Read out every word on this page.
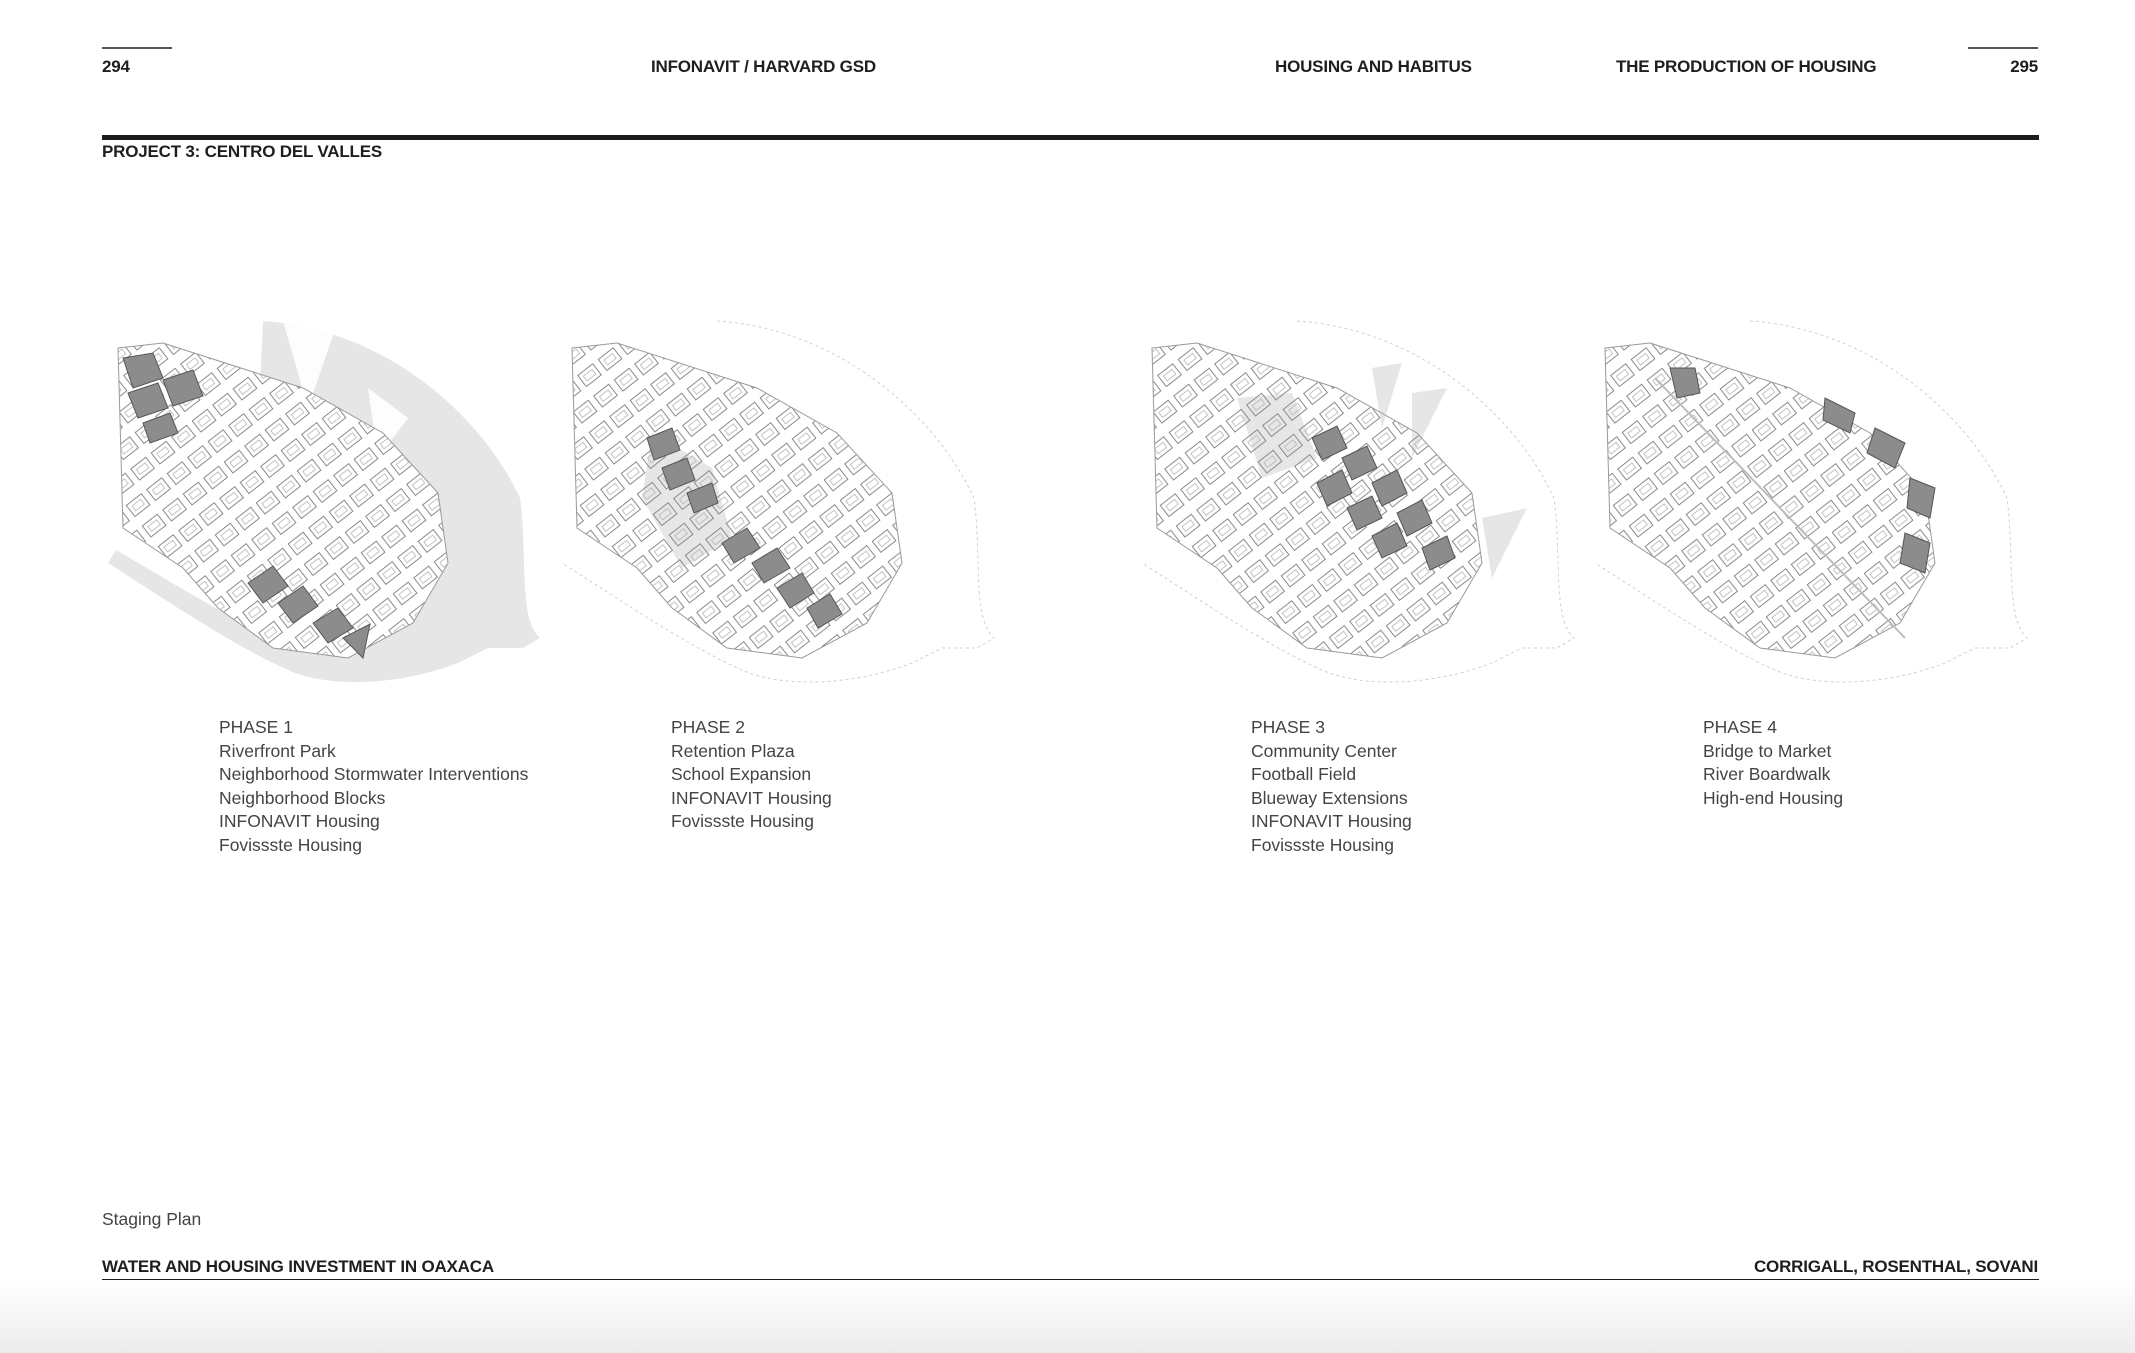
294	INFONAVIT / HARVARD GSD	HOUSING AND HABITUS	THE PRODUCTION OF HOUSING	295
PROJECT 3: CENTRO DEL VALLES
PHASE 1
Riverfront Park
Neighborhood Stormwater Interventions
Neighborhood Blocks
INFONAVIT Housing
Fovissste Housing
PHASE 2
Retention Plaza
School Expansion
INFONAVIT Housing
Fovissste Housing
PHASE 3
Community Center
Football Field
Blueway Extensions
INFONAVIT Housing
Fovissste Housing
PHASE 4
Bridge to Market
River Boardwalk
High-end Housing
Staging Plan
WATER AND HOUSING INVESTMENT IN OAXACA	CORRIGALL, ROSENTHAL, SOVANI
